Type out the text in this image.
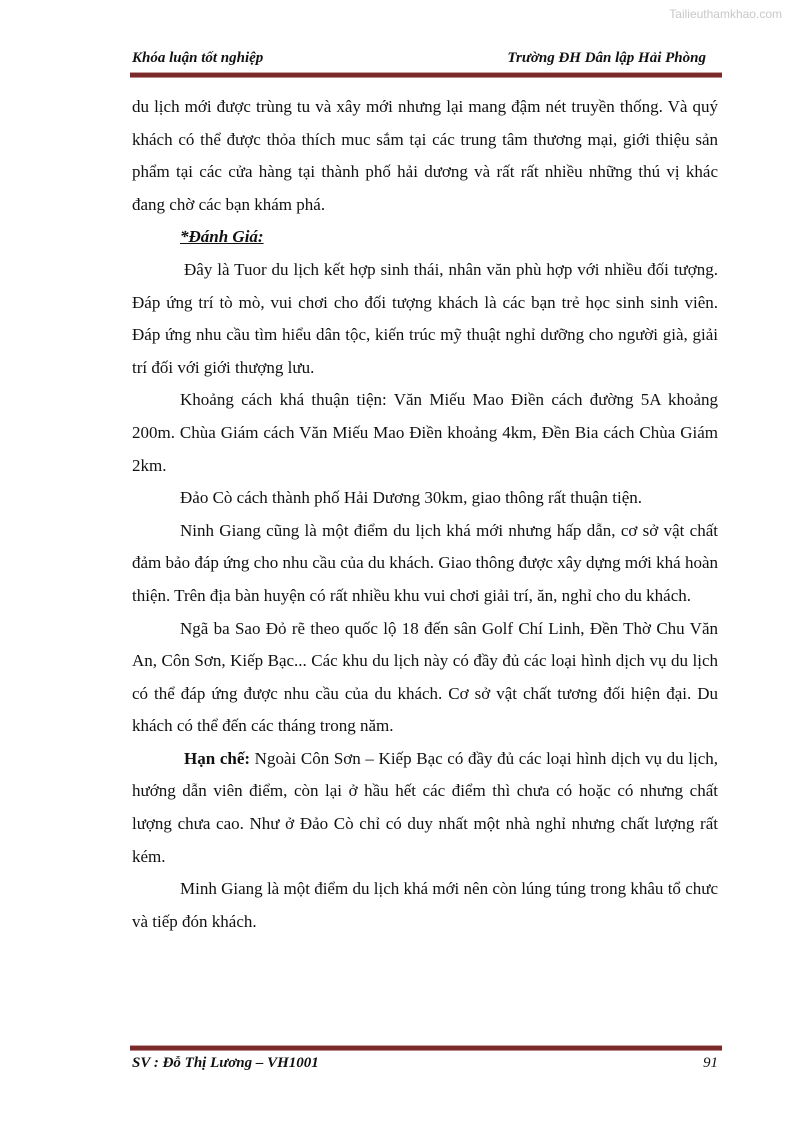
Tailieuthamkhao.com
Khóa luận tốt nghiệp	Trường ĐH Dân lập Hải Phòng

du lịch mới được trùng tu và xây mới nhưng lại mang đậm nét truyền thống. Và quý khách có thể được thỏa thích muc sắm tại các trung tâm thương mại, giới thiệu sản phẩm tại các cửa hàng tại thành phố hải dương và rất rất nhiều những thú vị khác đang chờ các bạn khám phá.

*Đánh Giá:

Đây là Tuor du lịch kết hợp sinh thái, nhân văn phù hợp với nhiều đối tượng. Đáp ứng trí tò mò, vui chơi cho đối tượng khách là các bạn trẻ học sinh sinh viên. Đáp ứng nhu cầu tìm hiểu dân tộc, kiến trúc mỹ thuật nghỉ dưỡng cho người già, giải trí đối với giới thượng lưu.

Khoảng cách khá thuận tiện: Văn Miếu Mao Điền cách đường 5A khoảng 200m. Chùa Giám cách Văn Miếu Mao Điền khoảng 4km, Đền Bia cách Chùa Giám 2km.

Đảo Cò cách thành phố Hải Dương 30km, giao thông rất thuận tiện.

Ninh Giang cũng là một điểm du lịch khá mới nhưng hấp dẫn, cơ sở vật chất đảm bảo đáp ứng cho nhu cầu của du khách. Giao thông được xây dựng mới khá hoàn thiện. Trên địa bàn huyện có rất nhiều khu vui chơi giải trí, ăn, nghỉ cho du khách.

Ngã ba Sao Đỏ rẽ theo quốc lộ 18 đến sân Golf Chí Linh, Đền Thờ Chu Văn An, Côn Sơn, Kiếp Bạc... Các khu du lịch này có đầy đủ các loại hình dịch vụ du lịch có thể đáp ứng được nhu cầu của du khách. Cơ sở vật chất tương đối hiện đại. Du khách có thể đến các tháng trong năm.

Hạn chế: Ngoài Côn Sơn – Kiếp Bạc có đầy đủ các loại hình dịch vụ du lịch, hướng dẫn viên điểm, còn lại ở hầu hết các điểm thì chưa có hoặc có nhưng chất lượng chưa cao. Như ở Đảo Cò chỉ có duy nhất một nhà nghỉ nhưng chất lượng rất kém.

Minh Giang là một điểm du lịch khá mới nên còn lúng túng trong khâu tổ chưc và tiếp đón khách.

SV : Đỗ Thị Lương – VH1001	91
